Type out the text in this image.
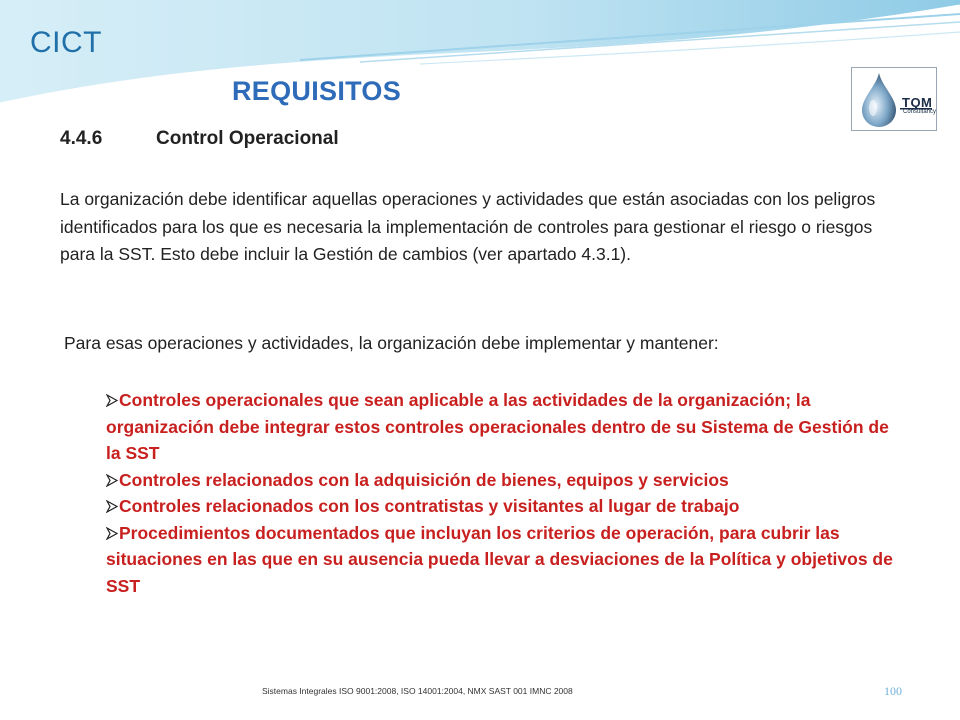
CICT
REQUISITOS	TQM
Consultancy
4.4.6	Control Operacional
La organización debe identificar aquellas operaciones y actividades que están asociadas con los peligros identificados para los que es necesaria la implementación de controles para gestionar el riesgo o riesgos para la SST. Esto debe incluir la Gestión de cambios (ver apartado 4.3.1).
Para esas operaciones y actividades, la organización debe implementar y mantener:
Controles operacionales que sean aplicable a las actividades de la organización; la organización debe integrar estos controles operacionales dentro de su Sistema de Gestión de la SST
Controles relacionados con la adquisición de bienes, equipos y servicios
Controles relacionados con los contratistas y visitantes al lugar de trabajo
Procedimientos documentados que incluyan los criterios de operación, para cubrir las situaciones en las que en su ausencia pueda llevar a desviaciones de la Política y objetivos de SST
Sistemas Integrales ISO 9001:2008, ISO 14001:2004, NMX SAST 001 IMNC 2008	100
